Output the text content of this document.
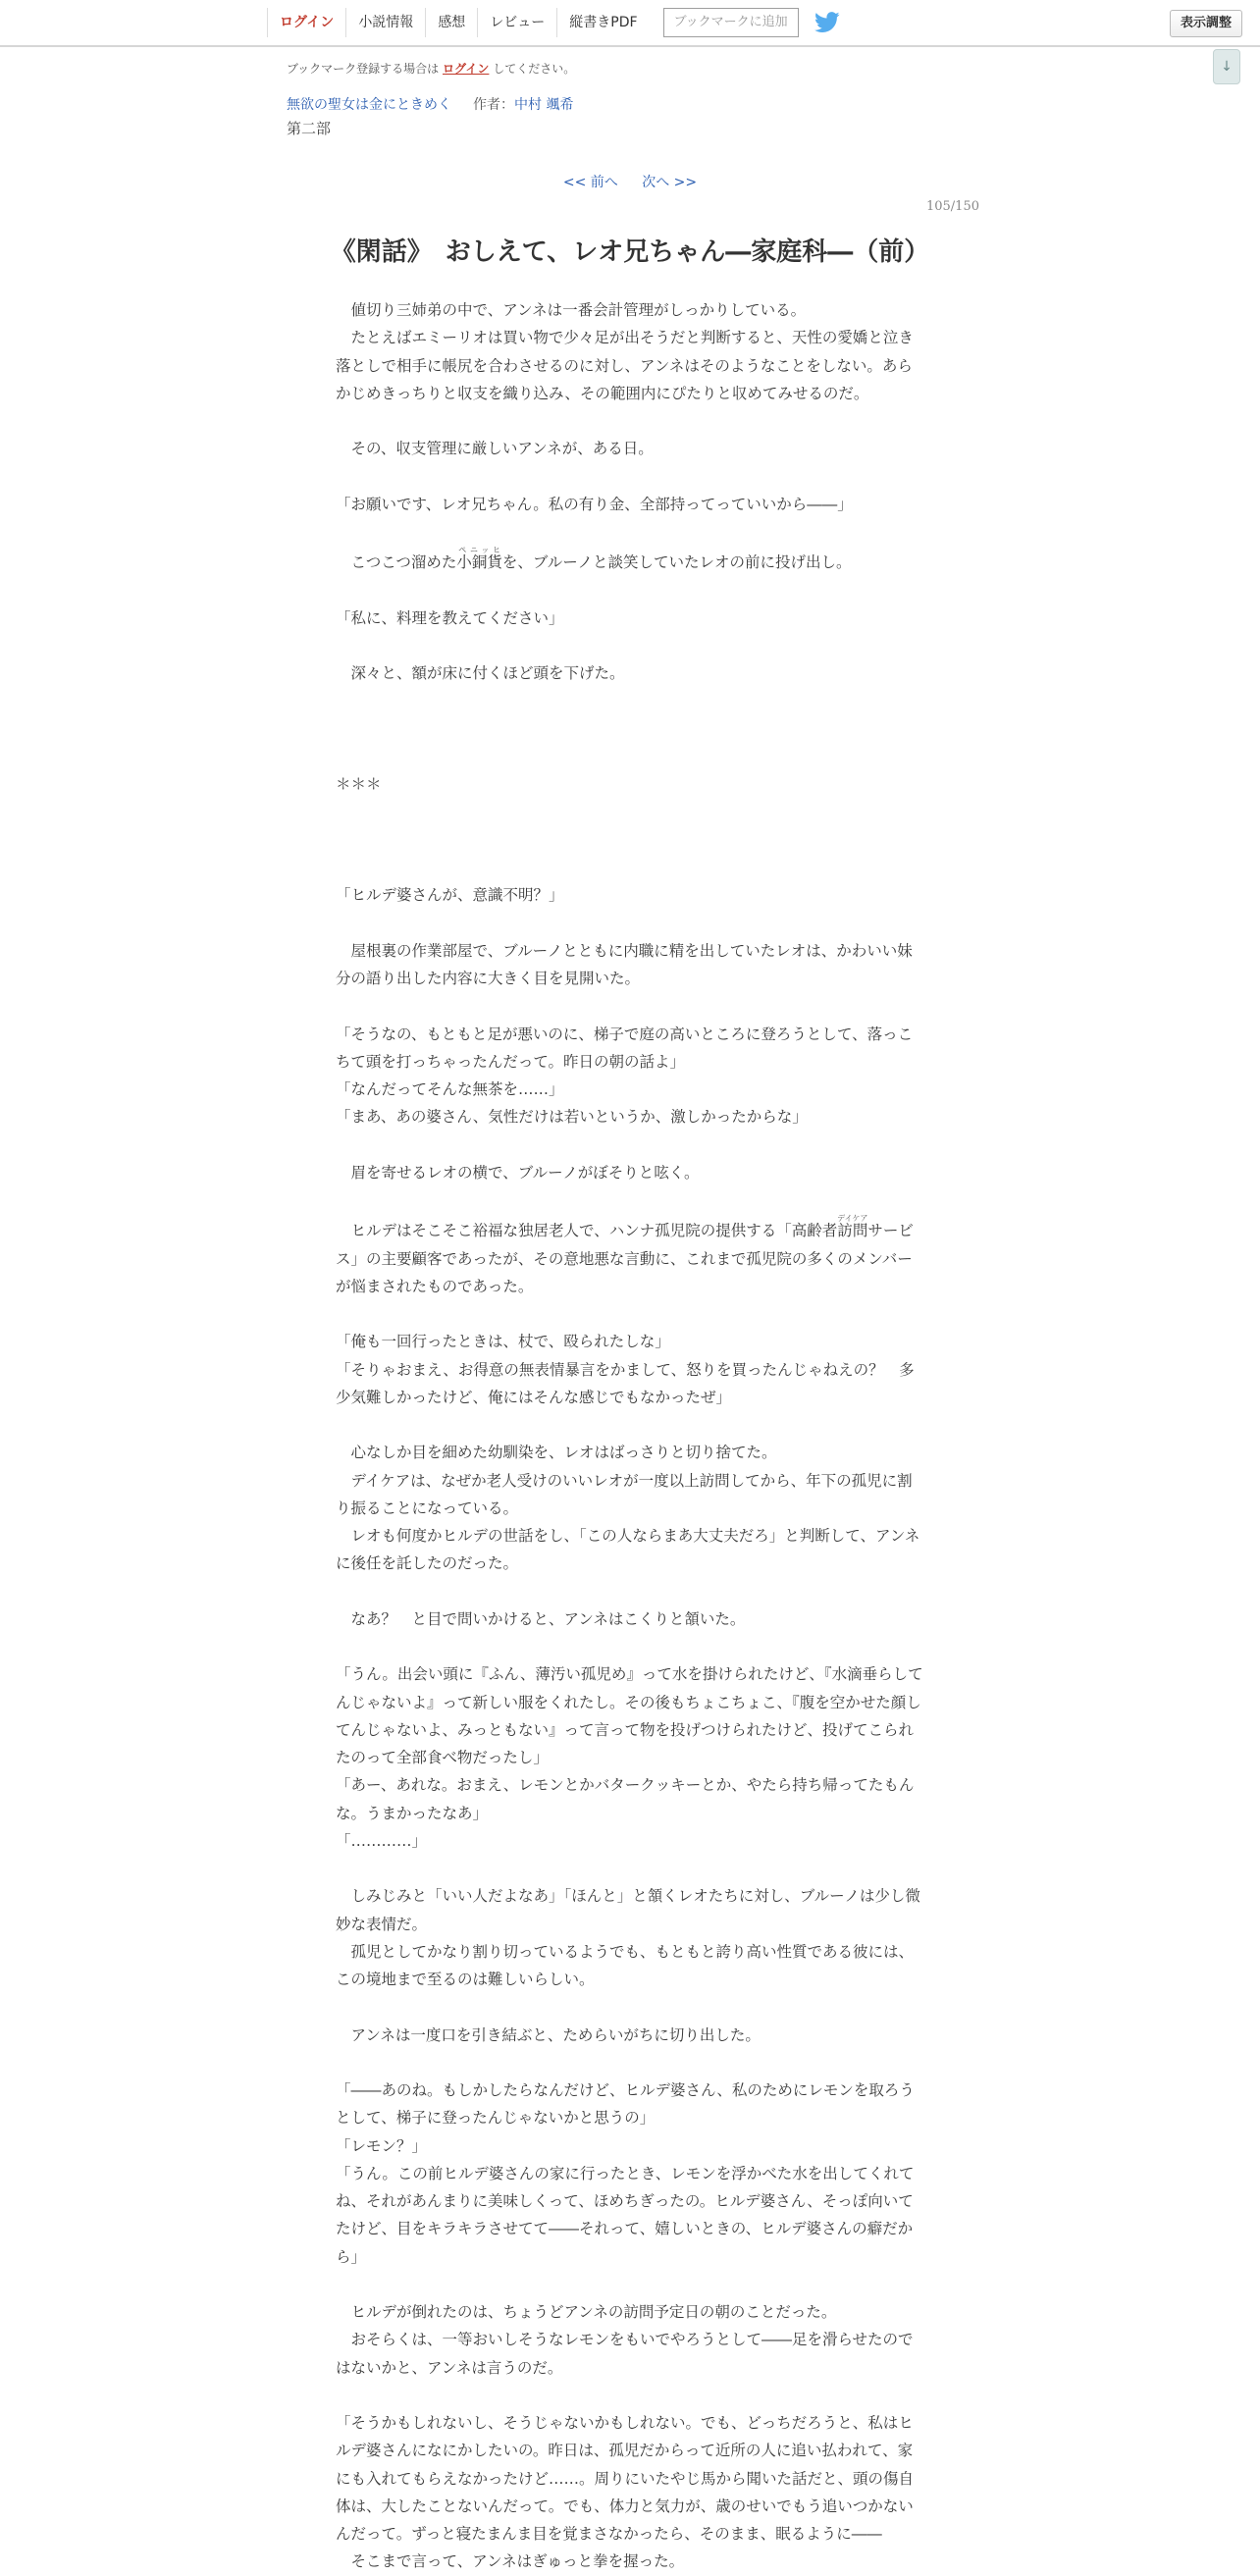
ログイン	小説情報	感想	レビュー	縦書きPDF	ブックマークに追加	表示調整
↓
ブックマーク登録する場合は ログイン してください。
無欲の聖女は金にときめく 作者：中村 颯希
第二部
<< 前へ 次へ >>
105/150
《閑話》　おしえて、レオ兄ちゃん―家庭科―（前）

　値切り三姉弟の中で、アンネは一番会計管理がしっかりしている。

　たとえばエミーリオは買い物で少々足が出そうだと判断すると、天性の愛嬌と泣き落としで相手に帳尻を合わさせるのに対し、アンネはそのようなことをしない。あらかじめきっちりと収支を織り込み、その範囲内にぴたりと収めてみせるのだ。

　その、収支管理に厳しいアンネが、ある日。

「お願いです、レオ兄ちゃん。私の有り金、全部持ってっていいから――」

　こつこつ溜めた小銅貨ペニッヒを、ブルーノと談笑していたレオの前に投げ出し。

「私に、料理を教えてください」

　深々と、額が床に付くほど頭を下げた。

＊＊＊

「ヒルデ婆さんが、意識不明？」

　屋根裏の作業部屋で、ブルーノとともに内職に精を出していたレオは、かわいい妹分の語り出した内容に大きく目を見開いた。

「そうなの、もともと足が悪いのに、梯子で庭の高いところに登ろうとして、落っこちて頭を打っちゃったんだって。昨日の朝の話よ」

「なんだってそんな無茶を……」

「まあ、あの婆さん、気性だけは若いというか、激しかったからな」

　眉を寄せるレオの横で、ブルーノがぼそりと呟く。

　ヒルデはそこそこ裕福な独居老人で、ハンナ孤児院の提供する「高齢者訪問デイケアサービス」の主要顧客であったが、その意地悪な言動に、これまで孤児院の多くのメンバーが悩まされたものであった。

「俺も一回行ったときは、杖で、殴られたしな」

「そりゃおまえ、お得意の無表情暴言をかまして、怒りを買ったんじゃねえの？　多少気難しかったけど、俺にはそんな感じでもなかったぜ」

　心なしか目を細めた幼馴染を、レオはばっさりと切り捨てた。

　デイケアは、なぜか老人受けのいいレオが一度以上訪問してから、年下の孤児に割り振ることになっている。

　レオも何度かヒルデの世話をし、「この人ならまあ大丈夫だろ」と判断して、アンネに後任を託したのだった。

　なあ？　と目で問いかけると、アンネはこくりと頷いた。

「うん。出会い頭に『ふん、薄汚い孤児め』って水を掛けられたけど、『水滴垂らしてんじゃないよ』って新しい服をくれたし。その後もちょこちょこ、『腹を空かせた顔してんじゃないよ、みっともない』って言って物を投げつけられたけど、投げてこられたのって全部食べ物だったし」

「あー、あれな。おまえ、レモンとかバタークッキーとか、やたら持ち帰ってたもんな。うまかったなあ」

「…………」

　しみじみと「いい人だよなあ」「ほんと」と頷くレオたちに対し、ブルーノは少し微妙な表情だ。

　孤児としてかなり割り切っているようでも、もともと誇り高い性質である彼には、この境地まで至るのは難しいらしい。

　アンネは一度口を引き結ぶと、ためらいがちに切り出した。

「――あのね。もしかしたらなんだけど、ヒルデ婆さん、私のためにレモンを取ろうとして、梯子に登ったんじゃないかと思うの」

「レモン？」

「うん。この前ヒルデ婆さんの家に行ったとき、レモンを浮かべた水を出してくれてね、それがあんまりに美味しくって、ほめちぎったの。ヒルデ婆さん、そっぽ向いてたけど、目をキラキラさせてて――それって、嬉しいときの、ヒルデ婆さんの癖だから」

　ヒルデが倒れたのは、ちょうどアンネの訪問予定日の朝のことだった。

　おそらくは、一等おいしそうなレモンをもいでやろうとして――足を滑らせたのではないかと、アンネは言うのだ。

「そうかもしれないし、そうじゃないかもしれない。でも、どっちだろうと、私はヒルデ婆さんになにかしたいの。昨日は、孤児だからって近所の人に追い払われて、家にも入れてもらえなかったけど……。周りにいたやじ馬から聞いた話だと、頭の傷自体は、大したことないんだって。でも、体力と気力が、歳のせいでもう追いつかないんだって。ずっと寝たまんま目を覚まさなかったら、そのまま、眠るように――

　そこまで言って、アンネはぎゅっと拳を握った。
